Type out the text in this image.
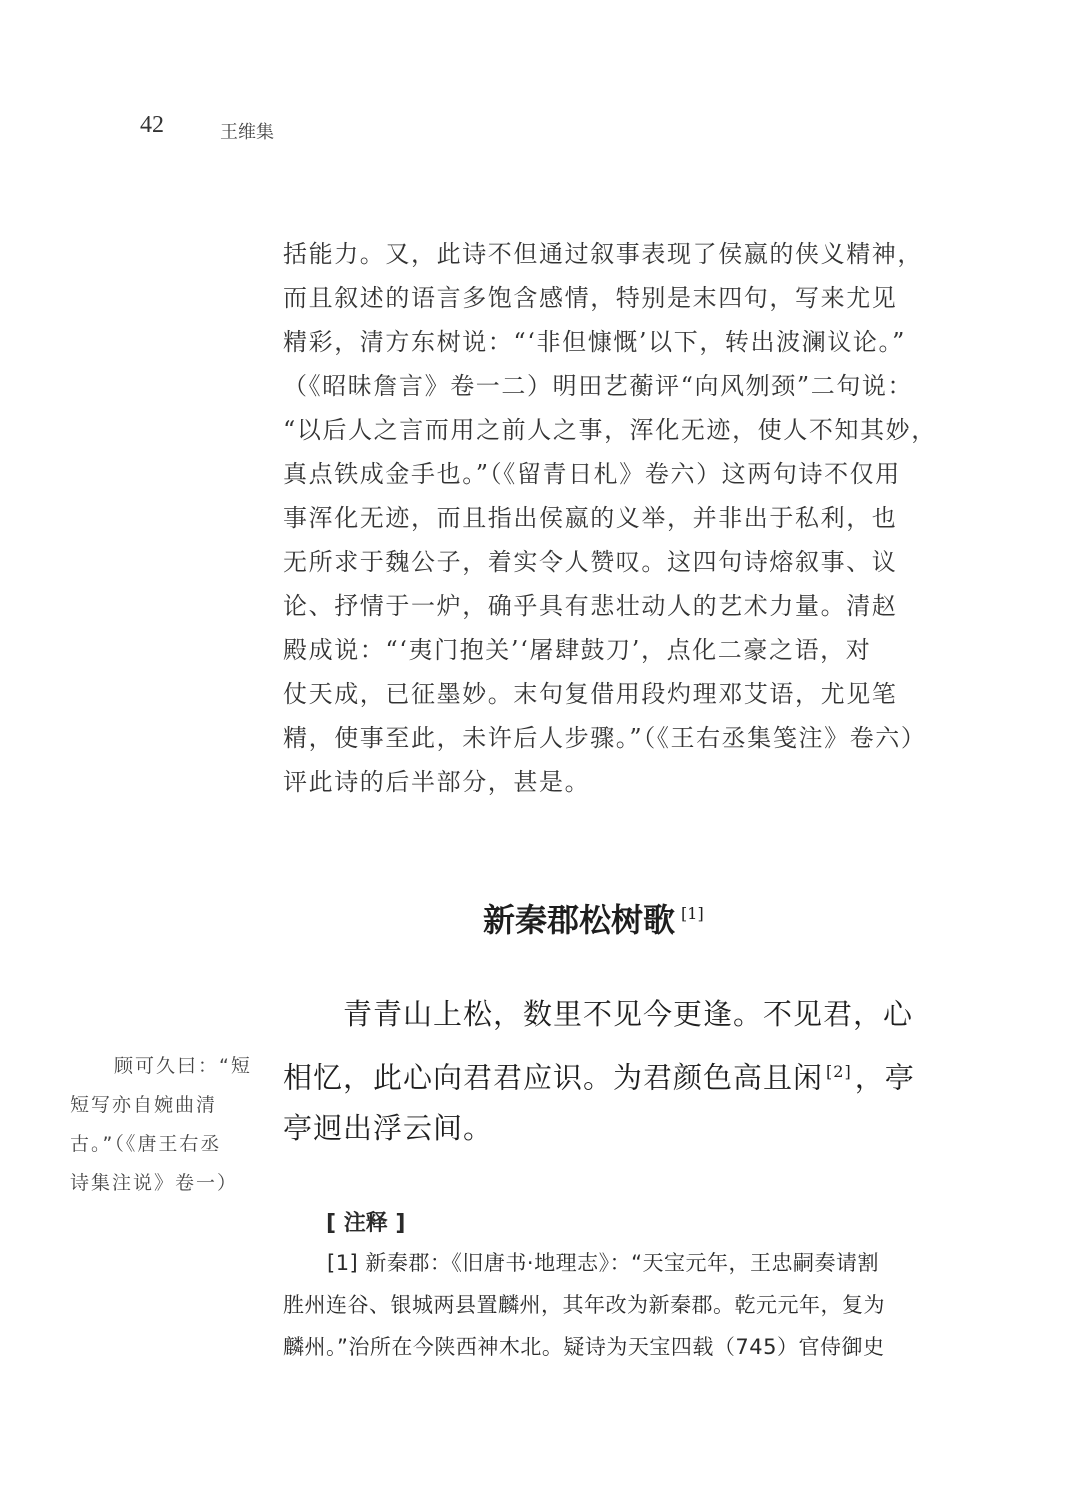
42	王维集
括能力。又，此诗不但通过叙事表现了侯嬴的侠义精神，
而且叙述的语言多饱含感情，特别是末四句，写来尤见
精彩，清方东树说：“‘非但慷慨’以下，转出波澜议论。”
（《昭昧詹言》卷一二）明田艺蘅评“向风刎颈”二句说：
“以后人之言而用之前人之事，浑化无迹，使人不知其妙，
真点铁成金手也。”（《留青日札》卷六）这两句诗不仅用
事浑化无迹，而且指出侯嬴的义举，并非出于私利，也
无所求于魏公子，着实令人赞叹。这四句诗熔叙事、议
论、抒情于一炉，确乎具有悲壮动人的艺术力量。清赵
殿成说：“‘夷门抱关’‘屠肆鼓刀’，点化二豪之语，对
仗天成，已征墨妙。末句复借用段灼理邓艾语，尤见笔
精，使事至此，未许后人步骤。”（《王右丞集笺注》卷六）
评此诗的后半部分，甚是。
新秦郡松树歌 [1]
青青山上松，数里不见今更逢。不见君，心
相忆，此心向君君应识。为君颜色高且闲 [2] ，亭
亭迥出浮云间。
顾可久曰：“短
短写亦自婉曲清
古。”（《唐王右丞
诗集注说》卷一）
[ 注释 ]
[1] 新秦郡：《旧唐书·地理志》：“天宝元年，王忠嗣奏请割
胜州连谷、银城两县置麟州，其年改为新秦郡。乾元元年，复为
麟州。”治所在今陕西神木北。疑诗为天宝四载（745）官侍御史
